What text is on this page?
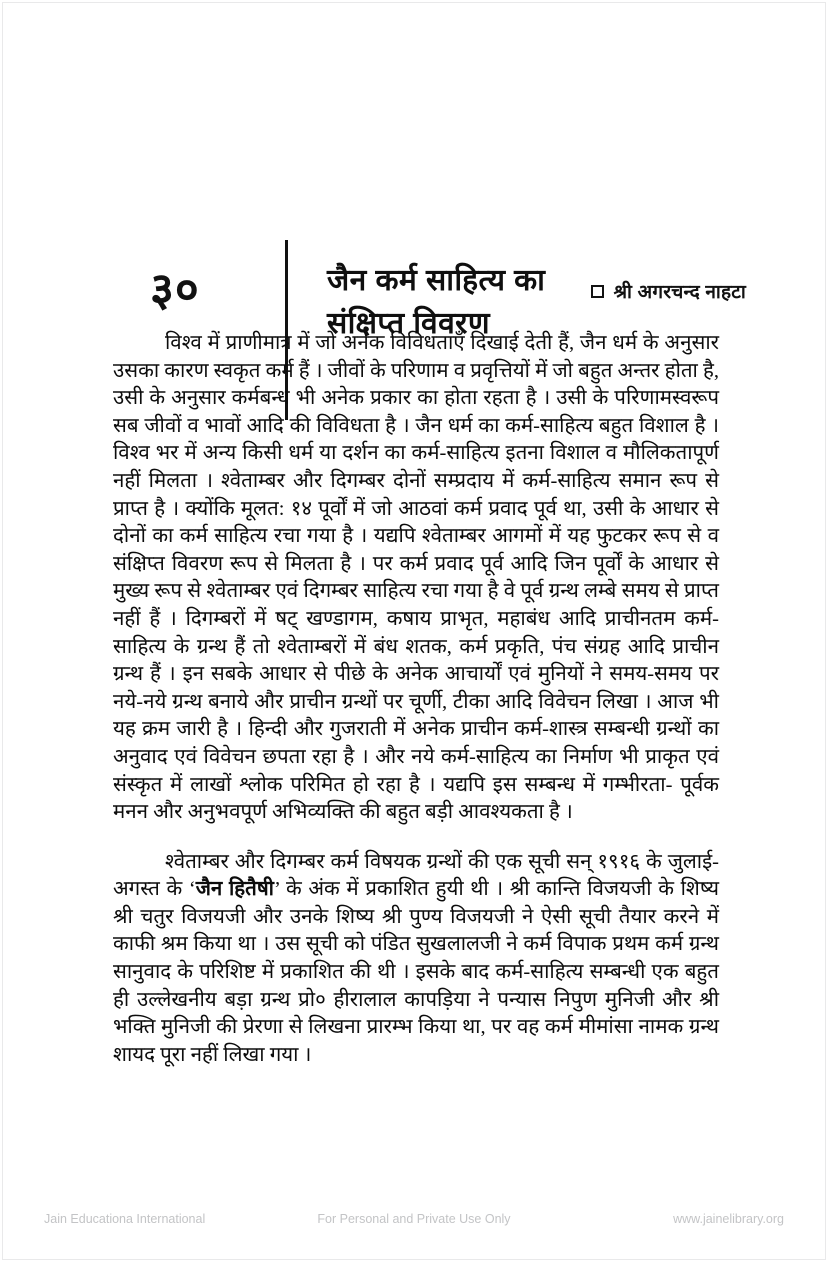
३०	जैन कर्म साहित्य का
संक्षिप्त विवरण
श्री अगरचन्द नाहटा
विश्व में प्राणीमात्र में जो अनेक विविधताएँ दिखाई देती हैं, जैन धर्म के अनुसार उसका कारण स्वकृत कर्म हैं । जीवों के परिणाम व प्रवृत्तियों में जो बहुत अन्तर होता है, उसी के अनुसार कर्मबन्ध भी अनेक प्रकार का होता रहता है । उसी के परिणामस्वरूप सब जीवों व भावों आदि की विविधता है । जैन धर्म का कर्म-साहित्य बहुत विशाल है । विश्व भर में अन्य किसी धर्म या दर्शन का कर्म-साहित्य इतना विशाल व मौलिकतापूर्ण नहीं मिलता । श्वेताम्बर और दिगम्बर दोनों सम्प्रदाय में कर्म-साहित्य समान रूप से प्राप्त है । क्योंकि मूलत: १४ पूर्वों में जो आठवां कर्म प्रवाद पूर्व था, उसी के आधार से दोनों का कर्म साहित्य रचा गया है । यद्यपि श्वेताम्बर आगमों में यह फुटकर रूप से व संक्षिप्त विवरण रूप से मिलता है । पर कर्म प्रवाद पूर्व आदि जिन पूर्वों के आधार से मुख्य रूप से श्वेताम्बर एवं दिगम्बर साहित्य रचा गया है वे पूर्व ग्रन्थ लम्बे समय से प्राप्त नहीं हैं । दिगम्बरों में षट् खण्डागम, कषाय प्राभृत, महाबंध आदि प्राचीनतम कर्म-साहित्य के ग्रन्थ हैं तो श्वेताम्बरों में बंध शतक, कर्म प्रकृति, पंच संग्रह आदि प्राचीन ग्रन्थ हैं । इन सबके आधार से पीछे के अनेक आचार्यों एवं मुनियों ने समय-समय पर नये-नये ग्रन्थ बनाये और प्राचीन ग्रन्थों पर चूर्णी, टीका आदि विवेचन लिखा । आज भी यह क्रम जारी है । हिन्दी और गुजराती में अनेक प्राचीन कर्म-शास्त्र सम्बन्धी ग्रन्थों का अनुवाद एवं विवेचन छपता रहा है । और नये कर्म-साहित्य का निर्माण भी प्राकृत एवं संस्कृत में लाखों श्लोक परिमित हो रहा है । यद्यपि इस सम्बन्ध में गम्भीरता- पूर्वक मनन और अनुभवपूर्ण अभिव्यक्ति की बहुत बड़ी आवश्यकता है ।
श्वेताम्बर और दिगम्बर कर्म विषयक ग्रन्थों की एक सूची सन् १९१६ के जुलाई-अगस्त के ‘जैन हितैषी’ के अंक में प्रकाशित हुयी थी । श्री कान्ति विजयजी के शिष्य श्री चतुर विजयजी और उनके शिष्य श्री पुण्य विजयजी ने ऐसी सूची तैयार करने में काफी श्रम किया था । उस सूची को पंडित सुखलालजी ने कर्म विपाक प्रथम कर्म ग्रन्थ सानुवाद के परिशिष्ट में प्रकाशित की थी । इसके बाद कर्म-साहित्य सम्बन्धी एक बहुत ही उल्लेखनीय बड़ा ग्रन्थ प्रो० हीरालाल कापड़िया ने पन्यास निपुण मुनिजी और श्री भक्ति मुनिजी की प्रेरणा से लिखना प्रारम्भ किया था, पर वह कर्म मीमांसा नामक ग्रन्थ शायद पूरा नहीं लिखा गया ।
Jain Educationa International	For Personal and Private Use Only	www.jainelibrary.org
